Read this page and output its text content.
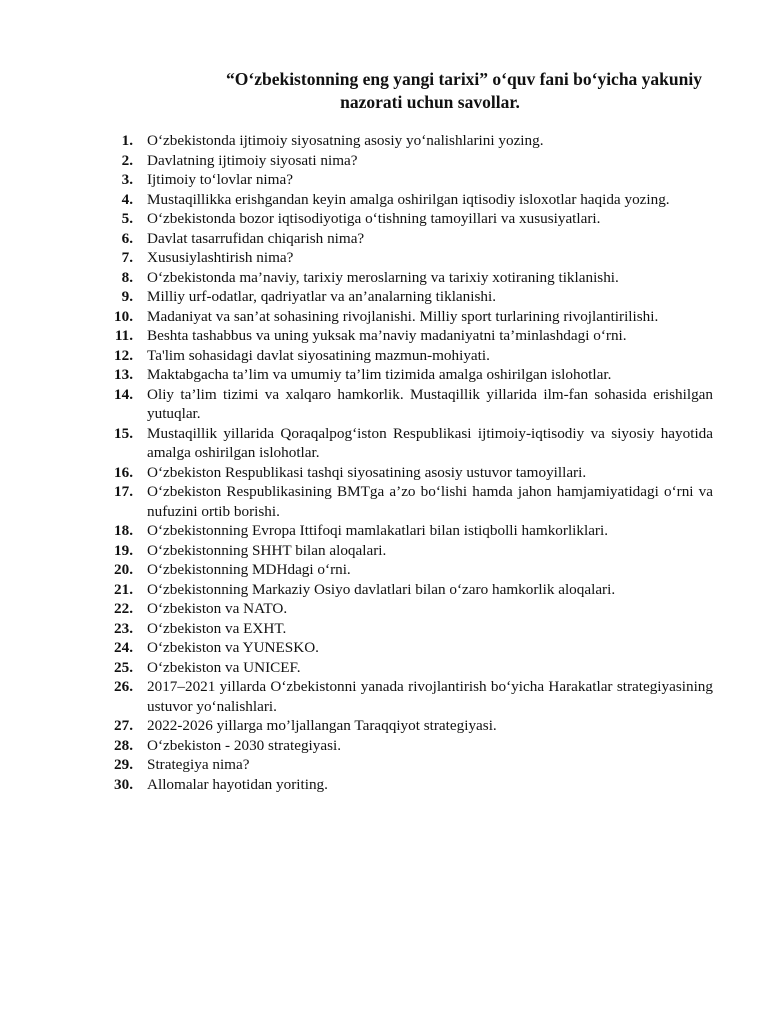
“O‘zbekistonning eng yangi tarixi” o‘quv fani bo‘yicha yakuniy
nazorati uchun savollar.
1. O‘zbekistonda ijtimoiy siyosatning asosiy yo‘nalishlarini yozing.
2. Davlatning ijtimoiy siyosati nima?
3. Ijtimoiy to‘lovlar nima?
4. Mustaqillikka erishgandan keyin amalga oshirilgan iqtisodiy isloxotlar haqida yozing.
5. O‘zbekistonda bozor iqtisodiyotiga o‘tishning tamoyillari va xususiyatlari.
6. Davlat tasarrufidan chiqarish nima?
7. Xususiylashtirish nima?
8. O‘zbekistonda ma’naviy, tarixiy meroslarning va tarixiy xotiraning tiklanishi.
9. Milliy urf-odatlar, qadriyatlar va an’analarning tiklanishi.
10. Madaniyat va san’at sohasining rivojlanishi. Milliy sport turlarining rivojlantirilishi.
11. Beshta tashabbus va uning yuksak ma’naviy madaniyatni ta’minlashdagi o‘rni.
12. Ta'lim sohasidagi davlat siyosatining mazmun-mohiyati.
13. Maktabgacha ta’lim va umumiy ta’lim tizimida amalga oshirilgan islohotlar.
14. Oliy ta’lim tizimi va xalqaro hamkorlik. Mustaqillik yillarida ilm-fan sohasida erishilgan yutuqlar.
15. Mustaqillik yillarida Qoraqalpog‘iston Respublikasi ijtimoiy-iqtisodiy va siyosiy hayotida amalga oshirilgan islohotlar.
16. O‘zbekiston Respublikasi tashqi siyosatining asosiy ustuvor tamoyillari.
17. O‘zbekiston Respublikasining BMTga a’zo bo‘lishi hamda jahon hamjamiyatidagi o‘rni va nufuzini ortib borishi.
18. O‘zbekistonning Evropa Ittifoqi mamlakatlari bilan istiqbolli hamkorliklari.
19. O‘zbekistonning SHHT bilan aloqalari.
20. O‘zbekistonning MDHdagi o‘rni.
21. O‘zbekistonning Markaziy Osiyo davlatlari bilan o‘zaro hamkorlik aloqalari.
22. O‘zbekiston va NATO.
23. O‘zbekiston va EXHT.
24. O‘zbekiston va YUNESKO.
25. O‘zbekiston va UNICEF.
26. 2017–2021 yillarda O‘zbekistonni yanada rivojlantirish bo‘yicha Harakatlar strategiyasining ustuvor yo‘nalishlari.
27. 2022-2026 yillarga mo’ljallangan Taraqqiyot strategiyasi.
28. O‘zbekiston - 2030 strategiyasi.
29. Strategiya nima?
30. Allomalar hayotidan yoriting.
